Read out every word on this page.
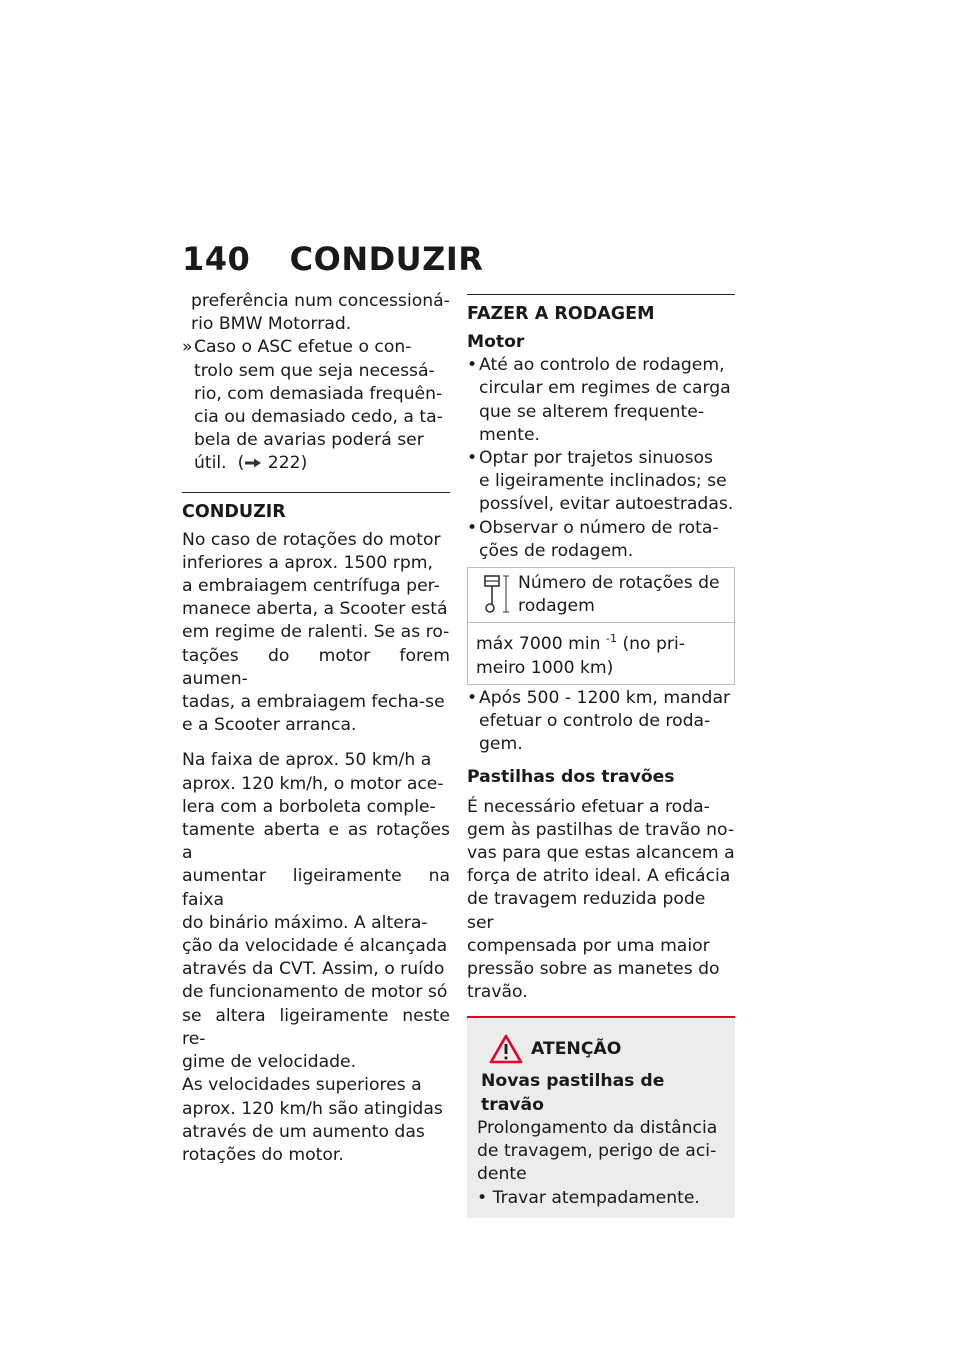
140 CONDUZIR

preferência num concessioná-

rio BMW Motorrad.

» Caso o ASC efetue o con-

trolo sem que seja necessá-

rio, com demasiada frequên-

cia ou demasiado cedo, a ta-

bela de avarias poderá ser

útil.  ( 222)

CONDUZIR

No caso de rotações do motor

inferiores a aprox. 1500 rpm,

a embraiagem centrífuga per-

manece aberta, a Scooter está

em regime de ralenti. Se as ro-

tações do motor forem aumen-

tadas, a embraiagem fecha-se

e a Scooter arranca.

Na faixa de aprox. 50 km/h a

aprox. 120 km/h, o motor ace-

lera com a borboleta comple-

tamente aberta e as rotações a

aumentar ligeiramente na faixa

do binário máximo. A altera-

ção da velocidade é alcançada

através da CVT. Assim, o ruído

de funcionamento de motor só

se altera ligeiramente neste re-

gime de velocidade.

As velocidades superiores a

aprox. 120 km/h são atingidas

através de um aumento das

rotações do motor.

FAZER A RODAGEM
Motor
• Até ao controlo de rodagem,

circular em regimes de carga

que se alterem frequente-

mente.

• Optar por trajetos sinuosos

e ligeiramente inclinados; se

possível, evitar autoestradas.

• Observar o número de rota-

ções de rodagem.

Número de rotações de

rodagem

máx 7000 min $^{-1}$ (no pri-

meiro 1000 km)

• Após 500 - 1200 km, mandar

efetuar o controlo de roda-

gem.

Pastilhas dos travões

É necessário efetuar a roda-

gem às pastilhas de travão no-

vas para que estas alcancem a

força de atrito ideal. A eficácia

de travagem reduzida pode ser

compensada por uma maior

pressão sobre as manetes do

travão.

ATENÇÃO
Novas pastilhas de travão

Prolongamento da distância

de travagem, perigo de aci-

dente

• Travar atempadamente.
